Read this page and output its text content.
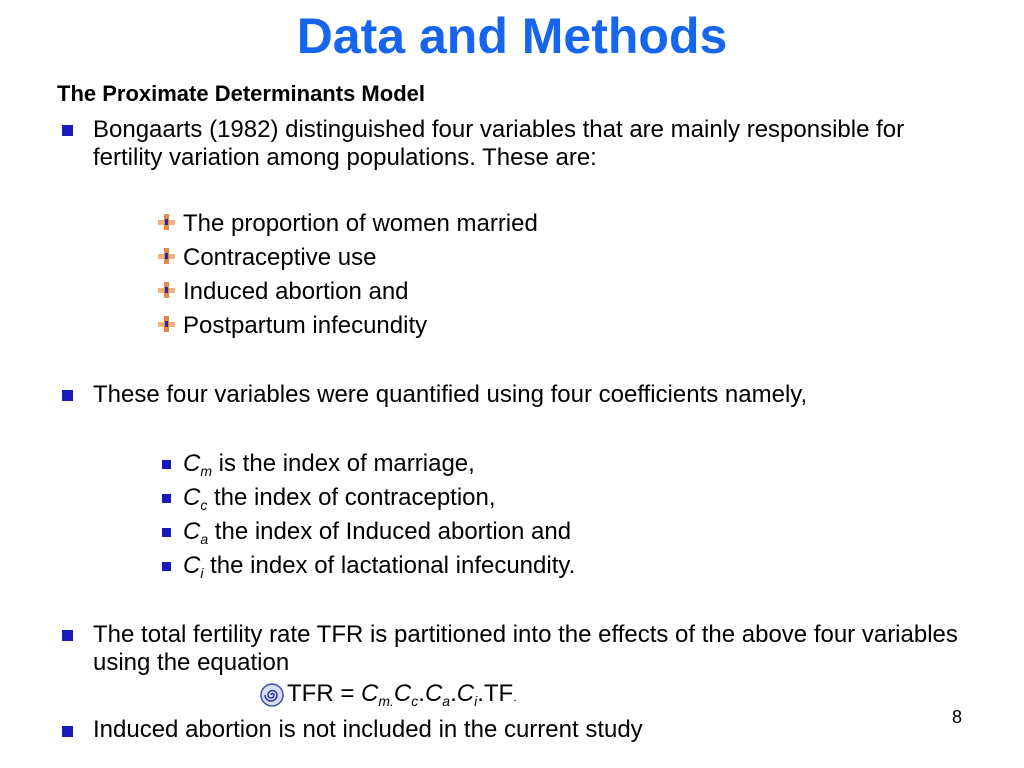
Data and Methods
The Proximate Determinants Model
Bongaarts (1982) distinguished four variables that are mainly responsible for fertility variation among populations. These are:
The proportion of women married
Contraceptive use
Induced abortion and
Postpartum infecundity
These four variables were quantified using four coefficients namely,
$C_m$ is the index of marriage,
$C_c$ the index of contraception,
$C_a$ the index of Induced abortion and
$C_i$ the index of lactational infecundity.
The total fertility rate TFR is partitioned into the effects of the above four variables using the equation
TFR = $C_{m.}C_c.C_a.C_i.TF$.
Induced abortion is not included in the current study	8
